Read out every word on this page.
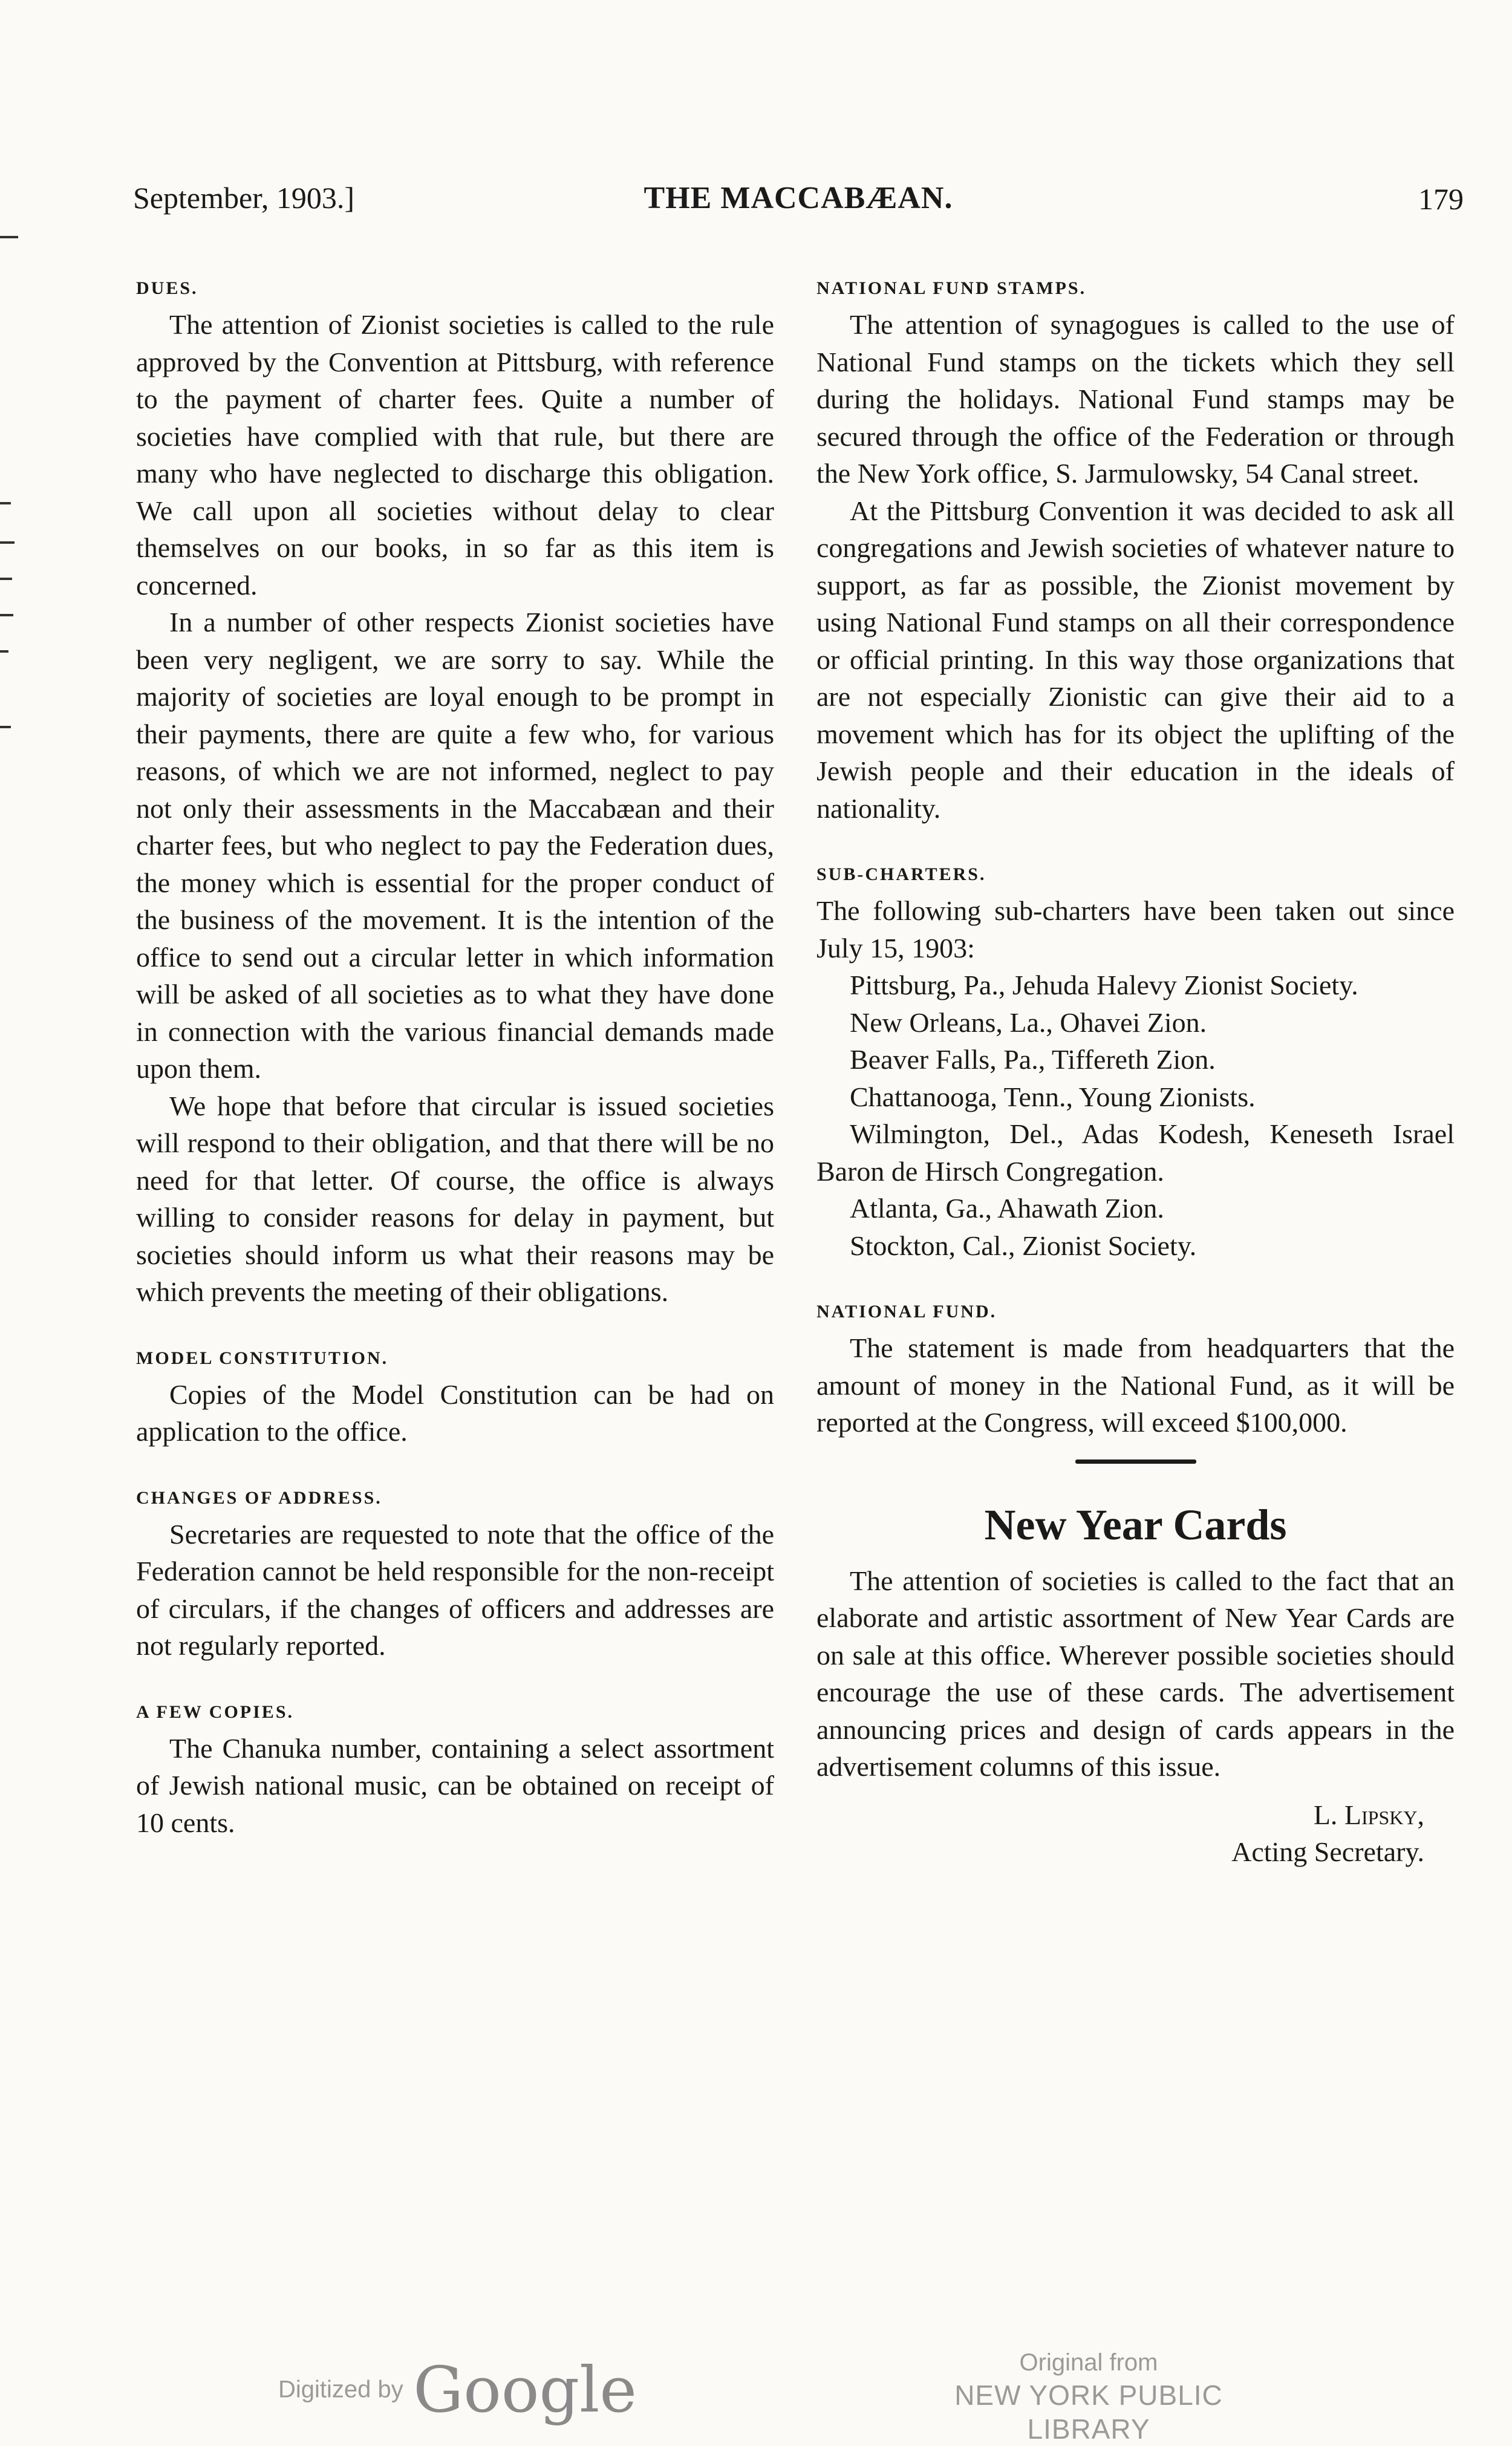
September, 1903.]	THE MACCABÆAN.	179
DUES.

The attention of Zionist societies is called to the rule approved by the Convention at Pittsburg, with reference to the payment of charter fees. Quite a number of societies have complied with that rule, but there are many who have neglected to discharge this obligation. We call upon all societies without delay to clear themselves on our books, in so far as this item is concerned.

In a number of other respects Zionist societies have been very negligent, we are sorry to say. While the majority of societies are loyal enough to be prompt in their payments, there are quite a few who, for various reasons, of which we are not informed, neglect to pay not only their assessments in the Maccabæan and their charter fees, but who neglect to pay the Federation dues, the money which is essential for the proper conduct of the business of the movement. It is the intention of the office to send out a circular letter in which information will be asked of all societies as to what they have done in connection with the various financial demands made upon them.

We hope that before that circular is issued societies will respond to their obligation, and that there will be no need for that letter. Of course, the office is always willing to consider reasons for delay in payment, but societies should inform us what their reasons may be which prevents the meeting of their obligations.

MODEL CONSTITUTION.

Copies of the Model Constitution can be had on application to the office.

CHANGES OF ADDRESS.

Secretaries are requested to note that the office of the Federation cannot be held responsible for the non-receipt of circulars, if the changes of officers and addresses are not regularly reported.

A FEW COPIES.

The Chanuka number, containing a select assortment of Jewish national music, can be obtained on receipt of 10 cents.

NATIONAL FUND STAMPS.

The attention of synagogues is called to the use of National Fund stamps on the tickets which they sell during the holidays. National Fund stamps may be secured through the office of the Federation or through the New York office, S. Jarmulowsky, 54 Canal street.

At the Pittsburg Convention it was decided to ask all congregations and Jewish societies of whatever nature to support, as far as possible, the Zionist movement by using National Fund stamps on all their correspondence or official printing. In this way those organizations that are not especially Zionistic can give their aid to a movement which has for its object the uplifting of the Jewish people and their education in the ideals of nationality.

SUB-CHARTERS.

The following sub-charters have been taken out since July 15, 1903:

Pittsburg, Pa., Jehuda Halevy Zionist Society.

New Orleans, La., Ohavei Zion.

Beaver Falls, Pa., Tiffereth Zion.

Chattanooga, Tenn., Young Zionists.

Wilmington, Del., Adas Kodesh, Keneseth Israel Baron de Hirsch Congregation.

Atlanta, Ga., Ahawath Zion.

Stockton, Cal., Zionist Society.

NATIONAL FUND.

The statement is made from headquarters that the amount of money in the National Fund, as it will be reported at the Congress, will exceed $100,000.

New Year Cards

The attention of societies is called to the fact that an elaborate and artistic assortment of New Year Cards are on sale at this office. Wherever possible societies should encourage the use of these cards. The advertisement announcing prices and design of cards appears in the advertisement columns of this issue.

L. Lipsky,
Acting Secretary.
Digitized by Google	Original from
NEW YORK PUBLIC LIBRARY
